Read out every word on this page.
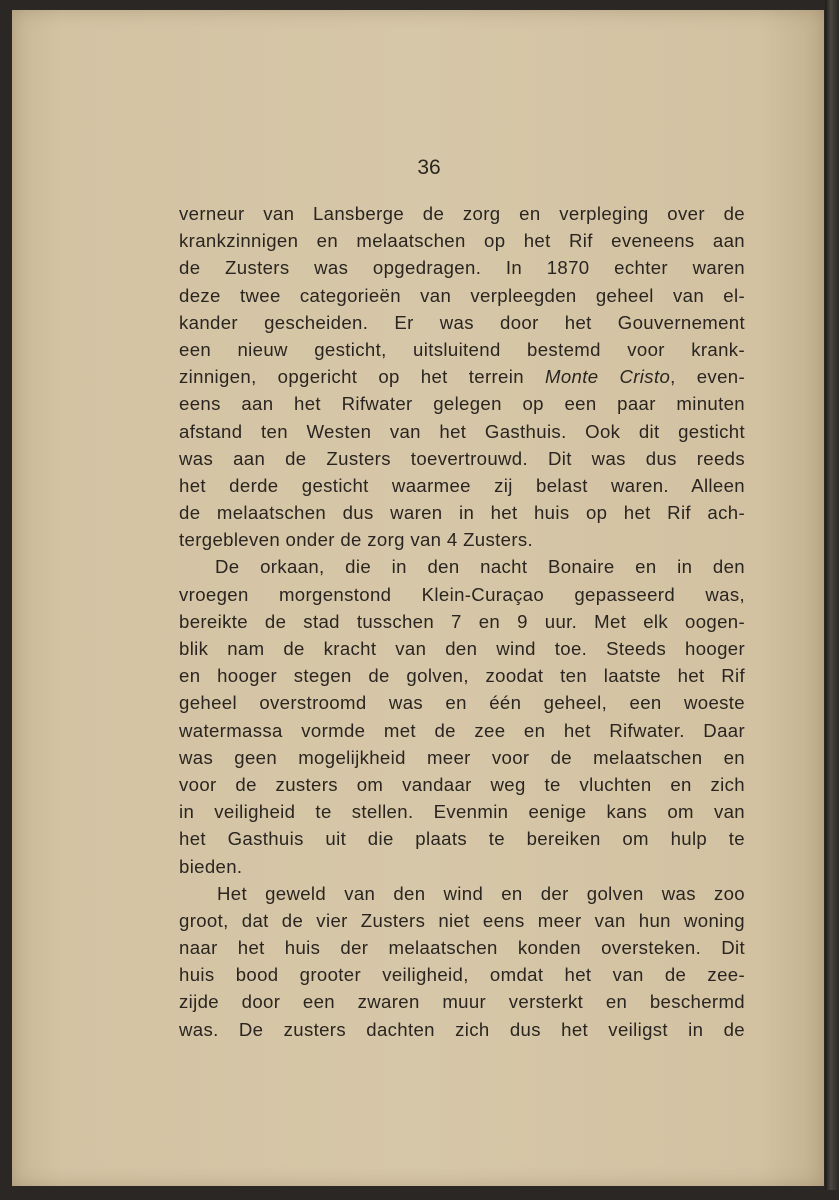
36
verneur van Lansberge de zorg en verpleging over de
krankzinnigen en melaatschen op het Rif eveneens aan
de Zusters was opgedragen. In 1870 echter waren
deze twee categorieën van verpleegden geheel van el-
kander gescheiden. Er was door het Gouvernement
een nieuw gesticht, uitsluitend bestemd voor krank-
zinnigen, opgericht op het terrein Monte Cristo, even-
eens aan het Rifwater gelegen op een paar minuten
afstand ten Westen van het Gasthuis. Ook dit gesticht
was aan de Zusters toevertrouwd. Dit was dus reeds
het derde gesticht waarmee zij belast waren. Alleen
de melaatschen dus waren in het huis op het Rif ach-
tergebleven onder de zorg van 4 Zusters.
De orkaan, die in den nacht Bonaire en in den
vroegen morgenstond Klein-Curaçao gepasseerd was,
bereikte de stad tusschen 7 en 9 uur. Met elk oogen-
blik nam de kracht van den wind toe. Steeds hooger
en hooger stegen de golven, zoodat ten laatste het Rif
geheel overstroomd was en één geheel, een woeste
watermassa vormde met de zee en het Rifwater. Daar
was geen mogelijkheid meer voor de melaatschen en
voor de zusters om vandaar weg te vluchten en zich
in veiligheid te stellen. Evenmin eenige kans om van
het Gasthuis uit die plaats te bereiken om hulp te
bieden.
Het geweld van den wind en der golven was zoo
groot, dat de vier Zusters niet eens meer van hun woning
naar het huis der melaatschen konden oversteken. Dit
huis bood grooter veiligheid, omdat het van de zee-
zijde door een zwaren muur versterkt en beschermd
was. De zusters dachten zich dus het veiligst in de
